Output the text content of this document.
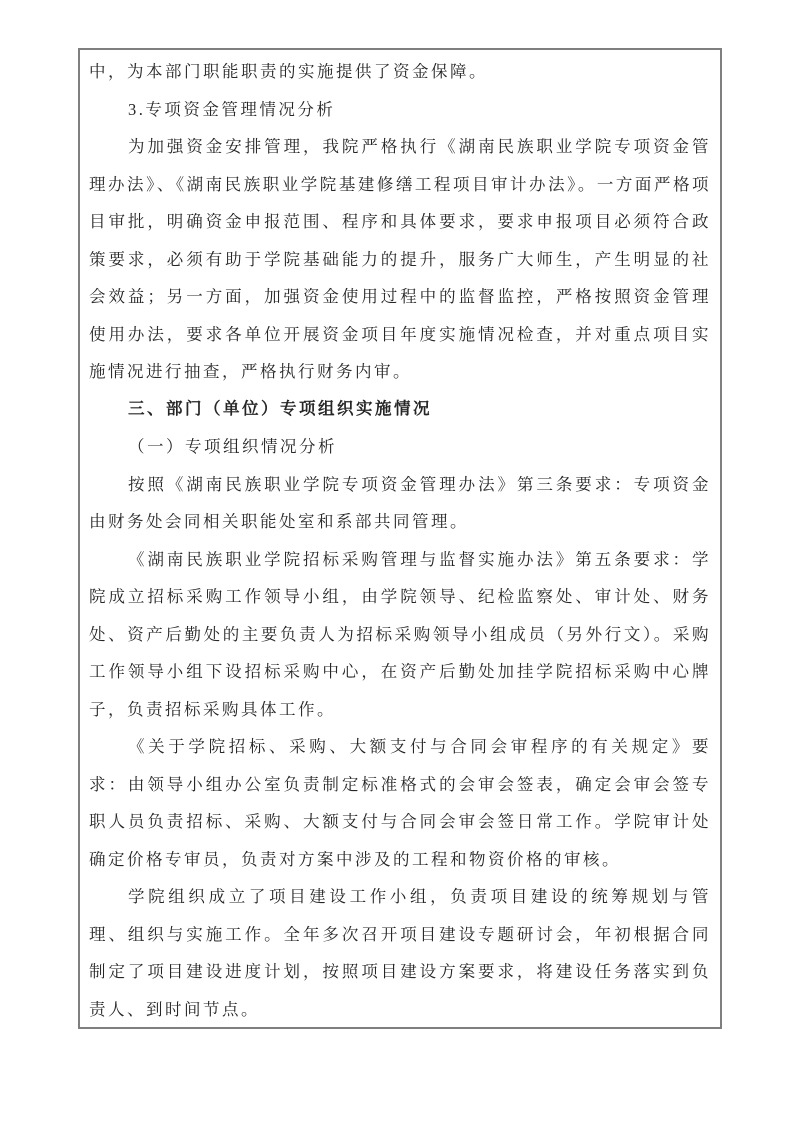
中，为本部门职能职责的实施提供了资金保障。

3.专项资金管理情况分析

为加强资金安排管理，我院严格执行《湖南民族职业学院专项资金管理办法》、《湖南民族职业学院基建修缮工程项目审计办法》。一方面严格项目审批，明确资金申报范围、程序和具体要求，要求申报项目必须符合政策要求，必须有助于学院基础能力的提升，服务广大师生，产生明显的社会效益；另一方面，加强资金使用过程中的监督监控，严格按照资金管理使用办法，要求各单位开展资金项目年度实施情况检查，并对重点项目实施情况进行抽查，严格执行财务内审。

三、部门（单位）专项组织实施情况

（一）专项组织情况分析

按照《湖南民族职业学院专项资金管理办法》第三条要求：专项资金由财务处会同相关职能处室和系部共同管理。

《湖南民族职业学院招标采购管理与监督实施办法》第五条要求：学院成立招标采购工作领导小组，由学院领导、纪检监察处、审计处、财务处、资产后勤处的主要负责人为招标采购领导小组成员（另外行文）。采购工作领导小组下设招标采购中心，在资产后勤处加挂学院招标采购中心牌子，负责招标采购具体工作。

《关于学院招标、采购、大额支付与合同会审程序的有关规定》要求：由领导小组办公室负责制定标准格式的会审会签表，确定会审会签专职人员负责招标、采购、大额支付与合同会审会签日常工作。学院审计处确定价格专审员，负责对方案中涉及的工程和物资价格的审核。

学院组织成立了项目建设工作小组，负责项目建设的统筹规划与管理、组织与实施工作。全年多次召开项目建设专题研讨会，年初根据合同制定了项目建设进度计划，按照项目建设方案要求，将建设任务落实到负责人、到时间节点。
